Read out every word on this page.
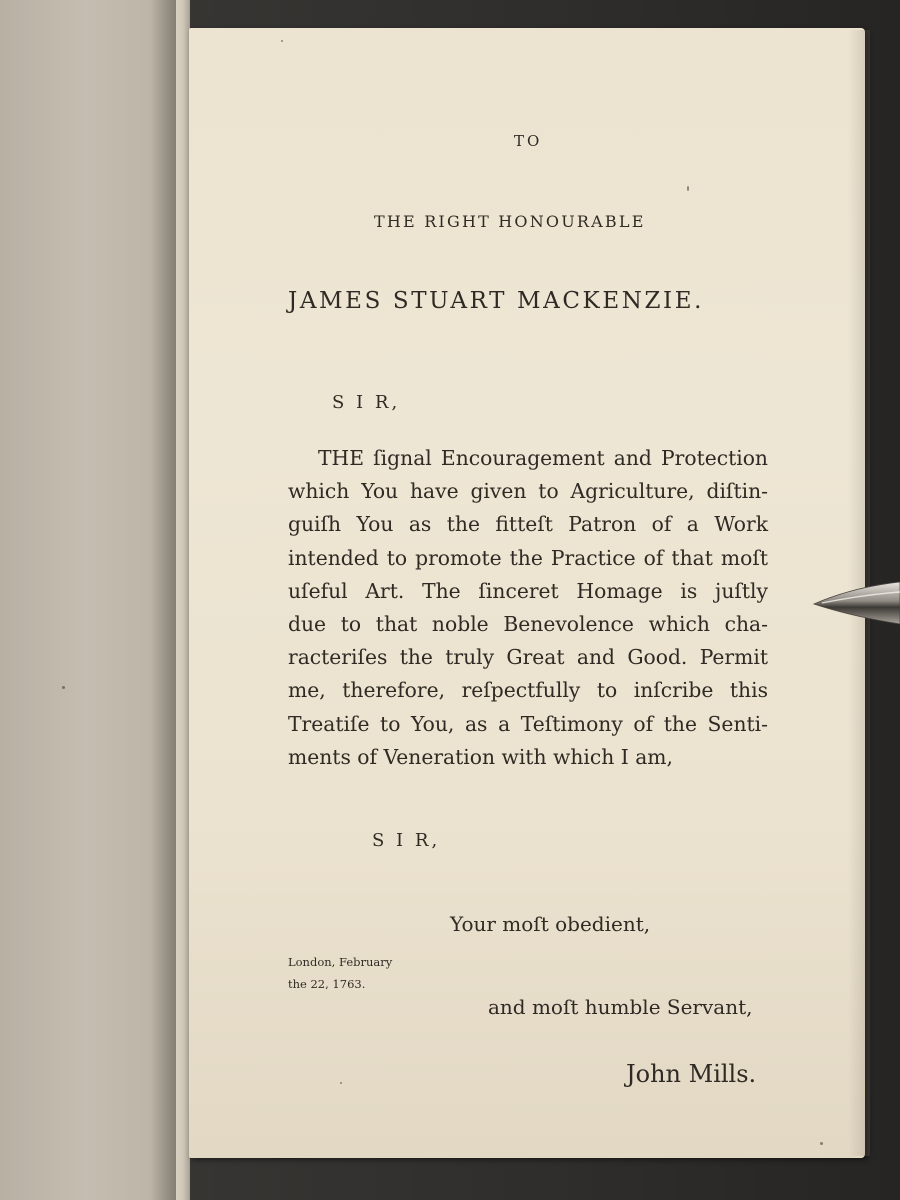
TO
THE RIGHT HONOURABLE
JAMES STUART MACKENZIE.
S I R,
THE ſignal Encouragement and Protection
which You have given to Agriculture, diſtin-
guiſh You as the fitteſt Patron of a Work
intended to promote the Practice of that moſt
uſeful Art. The ſinceret Homage is juſtly
due to that noble Benevolence which cha-
racteriſes the truly Great and Good. Permit
me, therefore, reſpectfully to inſcribe this
Treatiſe to You, as a Teſtimony of the Senti-
ments of Veneration with which I am,
S I R,
Your moſt obedient,
London, February
the 22, 1763.
and moſt humble Servant,
John Mills.
